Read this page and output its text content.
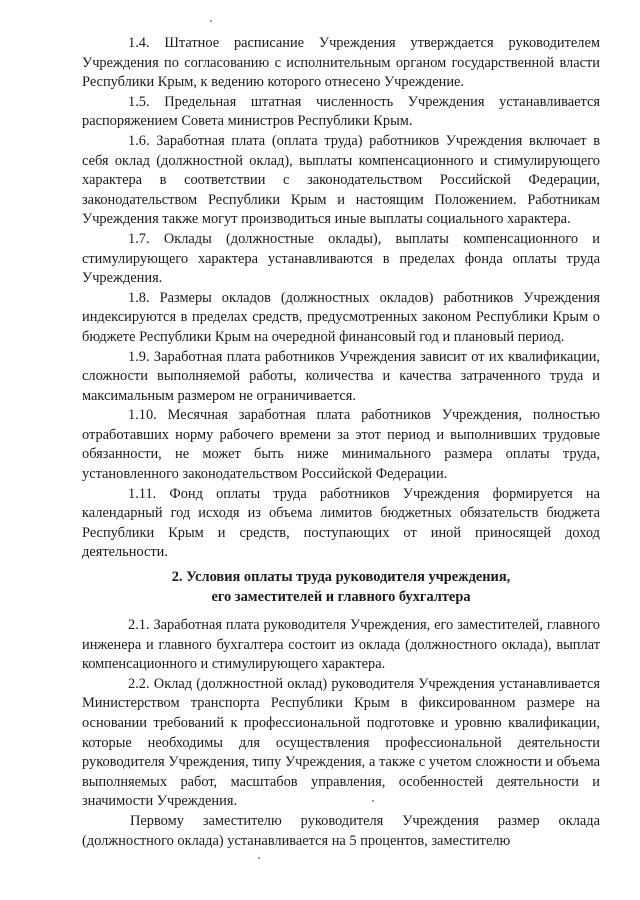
1.4. Штатное расписание Учреждения утверждается руководителем Учреждения по согласованию с исполнительным органом государственной власти Республики Крым, к ведению которого отнесено Учреждение.

1.5. Предельная штатная численность Учреждения устанавливается распоряжением Совета министров Республики Крым.

1.6. Заработная плата (оплата труда) работников Учреждения включает в себя оклад (должностной оклад), выплаты компенсационного и стимулирующего характера в соответствии с законодательством Российской Федерации, законодательством Республики Крым и настоящим Положением. Работникам Учреждения также могут производиться иные выплаты социального характера.

1.7. Оклады (должностные оклады), выплаты компенсационного и стимулирующего характера устанавливаются в пределах фонда оплаты труда Учреждения.

1.8. Размеры окладов (должностных окладов) работников Учреждения индексируются в пределах средств, предусмотренных законом Республики Крым о бюджете Республики Крым на очередной финансовый год и плановый период.

1.9. Заработная плата работников Учреждения зависит от их квалификации, сложности выполняемой работы, количества и качества затраченного труда и максимальным размером не ограничивается.

1.10. Месячная заработная плата работников Учреждения, полностью отработавших норму рабочего времени за этот период и выполнивших трудовые обязанности, не может быть ниже минимального размера оплаты труда, установленного законодательством Российской Федерации.

1.11. Фонд оплаты труда работников Учреждения формируется на календарный год исходя из объема лимитов бюджетных обязательств бюджета Республики Крым и средств, поступающих от иной приносящей доход деятельности.

2. Условия оплаты труда руководителя учреждения,
его заместителей и главного бухгалтера

2.1. Заработная плата руководителя Учреждения, его заместителей, главного инженера и главного бухгалтера состоит из оклада (должностного оклада), выплат компенсационного и стимулирующего характера.

2.2. Оклад (должностной оклад) руководителя Учреждения устанавливается Министерством транспорта Республики Крым в фиксированном размере на основании требований к профессиональной подготовке и уровню квалификации, которые необходимы для осуществления профессиональной деятельности руководителя Учреждения, типу Учреждения, а также с учетом сложности и объема выполняемых работ, масштабов управления, особенностей деятельности и значимости Учреждения.

Первому заместителю руководителя Учреждения размер оклада (должностного оклада) устанавливается на 5 процентов, заместителю
